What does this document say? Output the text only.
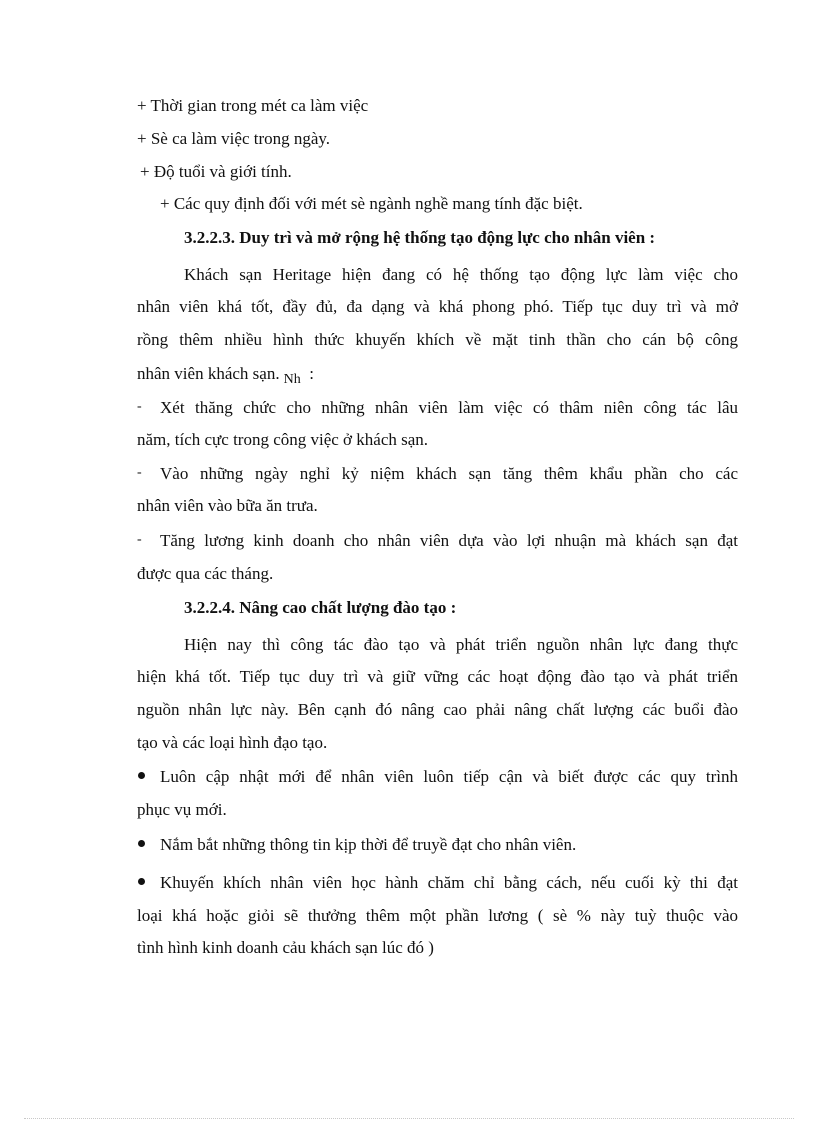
+ Thời gian trong mét ca làm việc
+ Sè ca làm việc trong ngày.
+ Độ tuổi và giới tính.
+ Các quy định đối với mét sè ngành nghề mang tính đặc biệt.
3.2.2.3. Duy trì và mở rộng hệ thống tạo động lực cho nhân viên :
Khách sạn Heritage hiện đang có hệ thống tạo động lực làm việc cho
nhân viên khá tốt, đầy đủ, đa dạng và khá phong phó. Tiếp tục duy trì và mở
rồng thêm nhiều hình thức khuyến khích về mặt tinh thần cho cán bộ công
nhân viên khách sạn. $_{Nh}$ :
- Xét thăng chức cho những nhân viên làm việc có thâm niên công tác lâu
năm, tích cực trong công việc ở khách sạn.
- Vào những ngày nghỉ kỷ niệm khách sạn tăng thêm khẩu phần cho các
nhân viên vào bữa ăn trưa.
- Tăng lương kinh doanh cho nhân viên dựa vào lợi nhuận mà khách sạn đạt
được qua các tháng.
3.2.2.4. Nâng cao chất lượng đào tạo :
Hiện nay thì công tác đào tạo và phát triển nguồn nhân lực đang thực
hiện khá tốt. Tiếp tục duy trì và giữ vững các hoạt động đào tạo và phát triển
nguồn nhân lực này. Bên cạnh đó nâng cao phải nâng chất lượng các buổi đào
tạo và các loại hình đạo tạo.
Luôn cập nhật mới để nhân viên luôn tiếp cận và biết được các quy trình
phục vụ mới.
Nắm bắt những thông tin kịp thời để truyề đạt cho nhân viên.
Khuyến khích nhân viên học hành chăm chỉ bằng cách, nếu cuối kỳ thi đạt
loại khá hoặc giỏi sẽ thưởng thêm một phần lương ( sè % này tuỳ thuộc vào
tình hình kinh doanh cảu khách sạn lúc đó )
